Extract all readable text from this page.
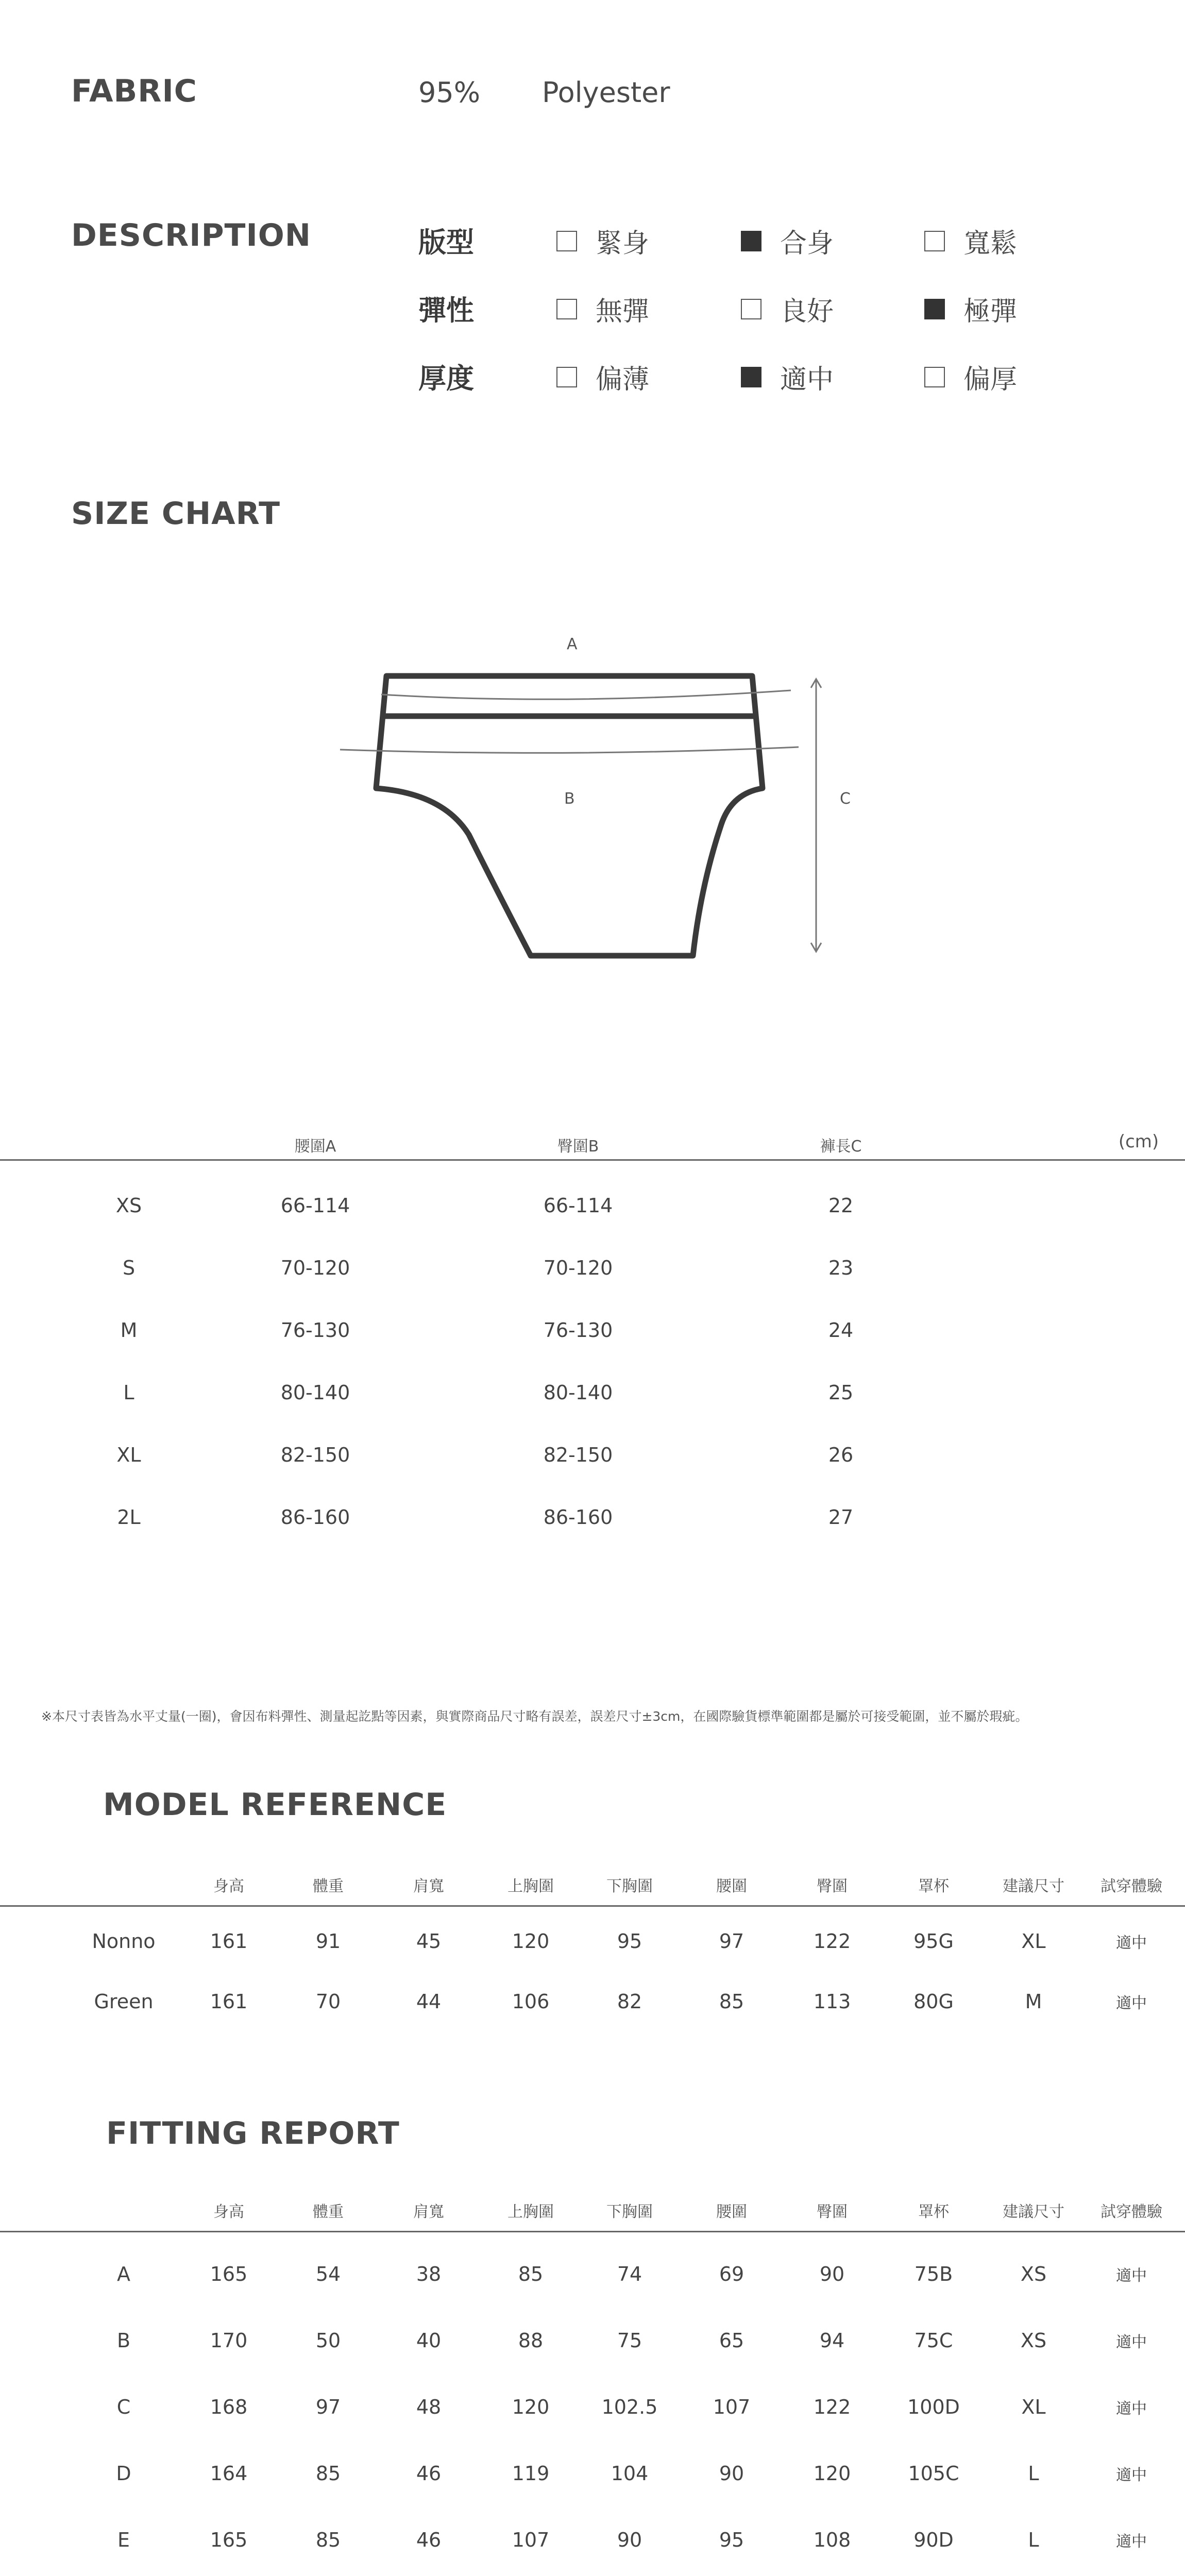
FABRIC	95% Polyester
DESCRIPTION	版型	緊身	合身	寬鬆
彈性	無彈	良好	極彈
厚度	偏薄	適中	偏厚
SIZE CHART
A
B	C
腰圍A	臀圍B	褲長C	(cm)
XS	66-114	66-114	22
S	70-120	70-120	23
M	76-130	76-130	24
L	80-140	80-140	25
XL	82-150	82-150	26
2L	86-160	86-160	27
※本尺寸表皆為水平丈量(一圈)，會因布料彈性、測量起訖點等因素，與實際商品尺寸略有誤差，誤差尺寸±3cm，在國際驗貨標準範圍都是屬於可接受範圍，並不屬於瑕疵。
MODEL REFERENCE
身高	體重	肩寬	上胸圍	下胸圍	腰圍	臀圍	罩杯	建議尺寸	試穿體驗
Nonno	161	91	45	120	95	97	122	95G	XL	適中
Green	161	70	44	106	82	85	113	80G	M	適中
FITTING REPORT
身高	體重	肩寬	上胸圍	下胸圍	腰圍	臀圍	罩杯	建議尺寸	試穿體驗
A	165	54	38	85	74	69	90	75B	XS	適中
B	170	50	40	88	75	65	94	75C	XS	適中
C	168	97	48	120	102.5	107	122	100D	XL	適中
D	164	85	46	119	104	90	120	105C	L	適中
E	165	85	46	107	90	95	108	90D	L	適中
